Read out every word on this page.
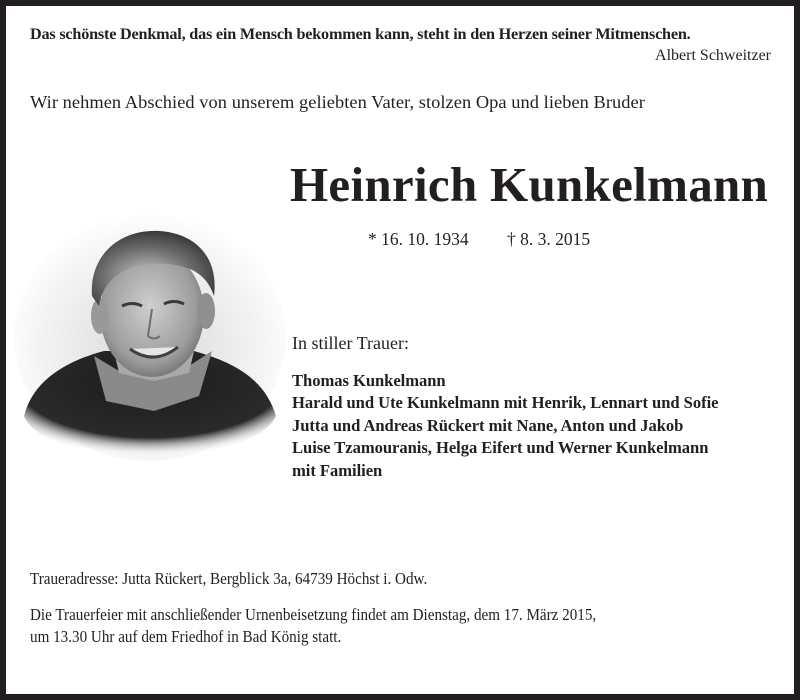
Das schönste Denkmal, das ein Mensch bekommen kann, steht in den Herzen seiner Mitmenschen.
Albert Schweitzer
Wir nehmen Abschied von unserem geliebten Vater, stolzen Opa und lieben Bruder
Heinrich Kunkelmann
* 16. 10. 1934 † 8. 3. 2015
In stiller Trauer:
Thomas Kunkelmann
Harald und Ute Kunkelmann mit Henrik, Lennart und Sofie
Jutta und Andreas Rückert mit Nane, Anton und Jakob
Luise Tzamouranis, Helga Eifert und Werner Kunkelmann
mit Familien
Traueradresse: Jutta Rückert, Bergblick 3a, 64739 Höchst i. Odw.
Die Trauerfeier mit anschließender Urnenbeisetzung findet am Dienstag, dem 17. März 2015,
um 13.30 Uhr auf dem Friedhof in Bad König statt.
